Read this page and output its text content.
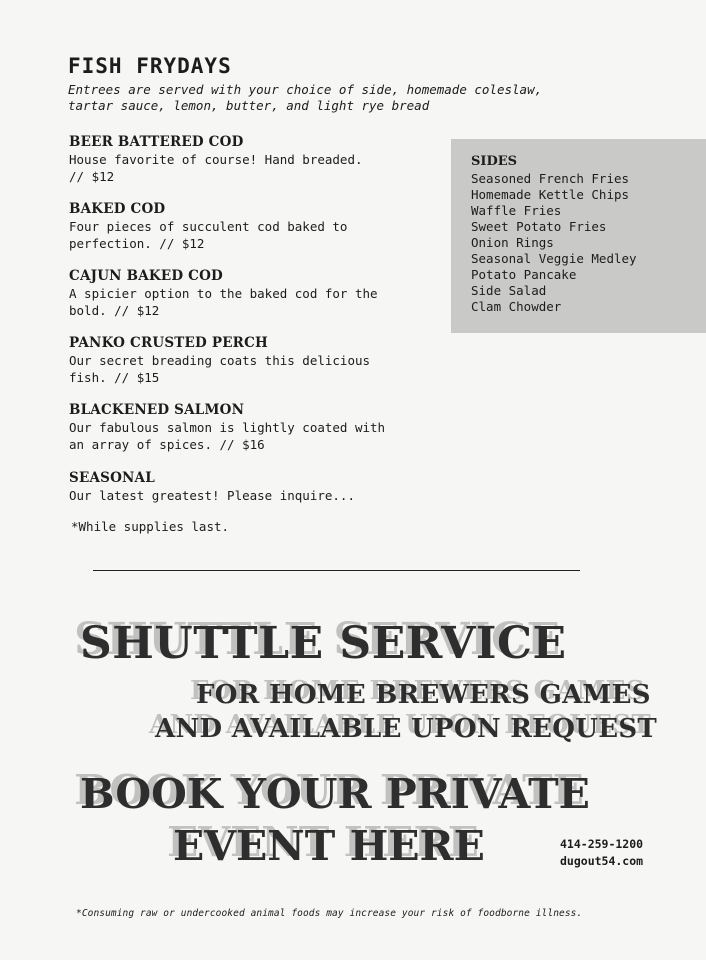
FISH FRYDAYS
Entrees are served with your choice of side, homemade coleslaw,
tartar sauce, lemon, butter, and light rye bread
BEER BATTERED COD
House favorite of course! Hand breaded.
// $12
BAKED COD
Four pieces of succulent cod baked to
perfection. // $12
CAJUN BAKED COD
A spicier option to the baked cod for the
bold. // $12
PANKO CRUSTED PERCH
Our secret breading coats this delicious
fish. // $15
BLACKENED SALMON
Our fabulous salmon is lightly coated with
an array of spices. // $16
SEASONAL
Our latest greatest! Please inquire...
*While supplies last.
SIDES
Seasoned French Fries
Homemade Kettle Chips
Waffle Fries
Sweet Potato Fries
Onion Rings
Seasonal Veggie Medley
Potato Pancake
Side Salad
Clam Chowder
SHUTTLE SERVICE
FOR HOME BREWERS GAMES
AND AVAILABLE UPON REQUEST
BOOK YOUR PRIVATE
EVENT HERE	414-259-1200
dugout54.com
*Consuming raw or undercooked animal foods may increase your risk of foodborne illness.
